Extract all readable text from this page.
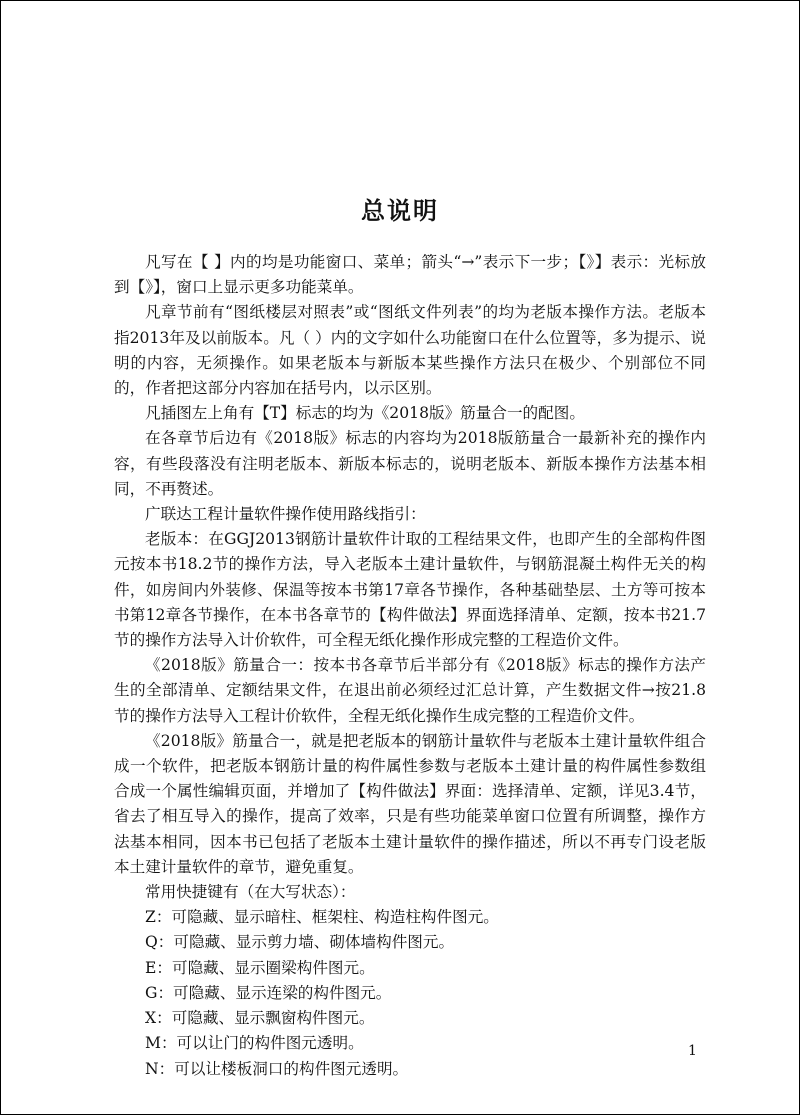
总说明

凡写在【 】内的均是功能窗口、菜单；箭头“→”表示下一步；【》】表示：光标放到【》】，窗口上显示更多功能菜单。

凡章节前有“图纸楼层对照表”或“图纸文件列表”的均为老版本操作方法。老版本指2013年及以前版本。凡（ ）内的文字如什么功能窗口在什么位置等，多为提示、说明的内容，无须操作。如果老版本与新版本某些操作方法只在极少、个别部位不同的，作者把这部分内容加在括号内，以示区别。

凡插图左上角有【T】标志的均为《2018版》筋量合一的配图。

在各章节后边有《2018版》标志的内容均为2018版筋量合一最新补充的操作内容，有些段落没有注明老版本、新版本标志的，说明老版本、新版本操作方法基本相同，不再赘述。

广联达工程计量软件操作使用路线指引：

老版本：在GGJ2013钢筋计量软件计取的工程结果文件，也即产生的全部构件图元按本书18.2节的操作方法，导入老版本土建计量软件，与钢筋混凝土构件无关的构件，如房间内外装修、保温等按本书第17章各节操作，各种基础垫层、土方等可按本书第12章各节操作，在本书各章节的【构件做法】界面选择清单、定额，按本书21.7节的操作方法导入计价软件，可全程无纸化操作形成完整的工程造价文件。

《2018版》筋量合一：按本书各章节后半部分有《2018版》标志的操作方法产生的全部清单、定额结果文件，在退出前必须经过汇总计算，产生数据文件→按21.8节的操作方法导入工程计价软件，全程无纸化操作生成完整的工程造价文件。

《2018版》筋量合一，就是把老版本的钢筋计量软件与老版本土建计量软件组合成一个软件，把老版本钢筋计量的构件属性参数与老版本土建计量的构件属性参数组合成一个属性编辑页面，并增加了【构件做法】界面：选择清单、定额，详见3.4节，省去了相互导入的操作，提高了效率，只是有些功能菜单窗口位置有所调整，操作方法基本相同，因本书已包括了老版本土建计量软件的操作描述，所以不再专门设老版本土建计量软件的章节，避免重复。

常用快捷键有（在大写状态）：

Z：可隐藏、显示暗柱、框架柱、构造柱构件图元。

Q：可隐藏、显示剪力墙、砌体墙构件图元。

E：可隐藏、显示圈梁构件图元。

G：可隐藏、显示连梁的构件图元。

X：可隐藏、显示飘窗构件图元。

M：可以让门的构件图元透明。

N：可以让楼板洞口的构件图元透明。

1
